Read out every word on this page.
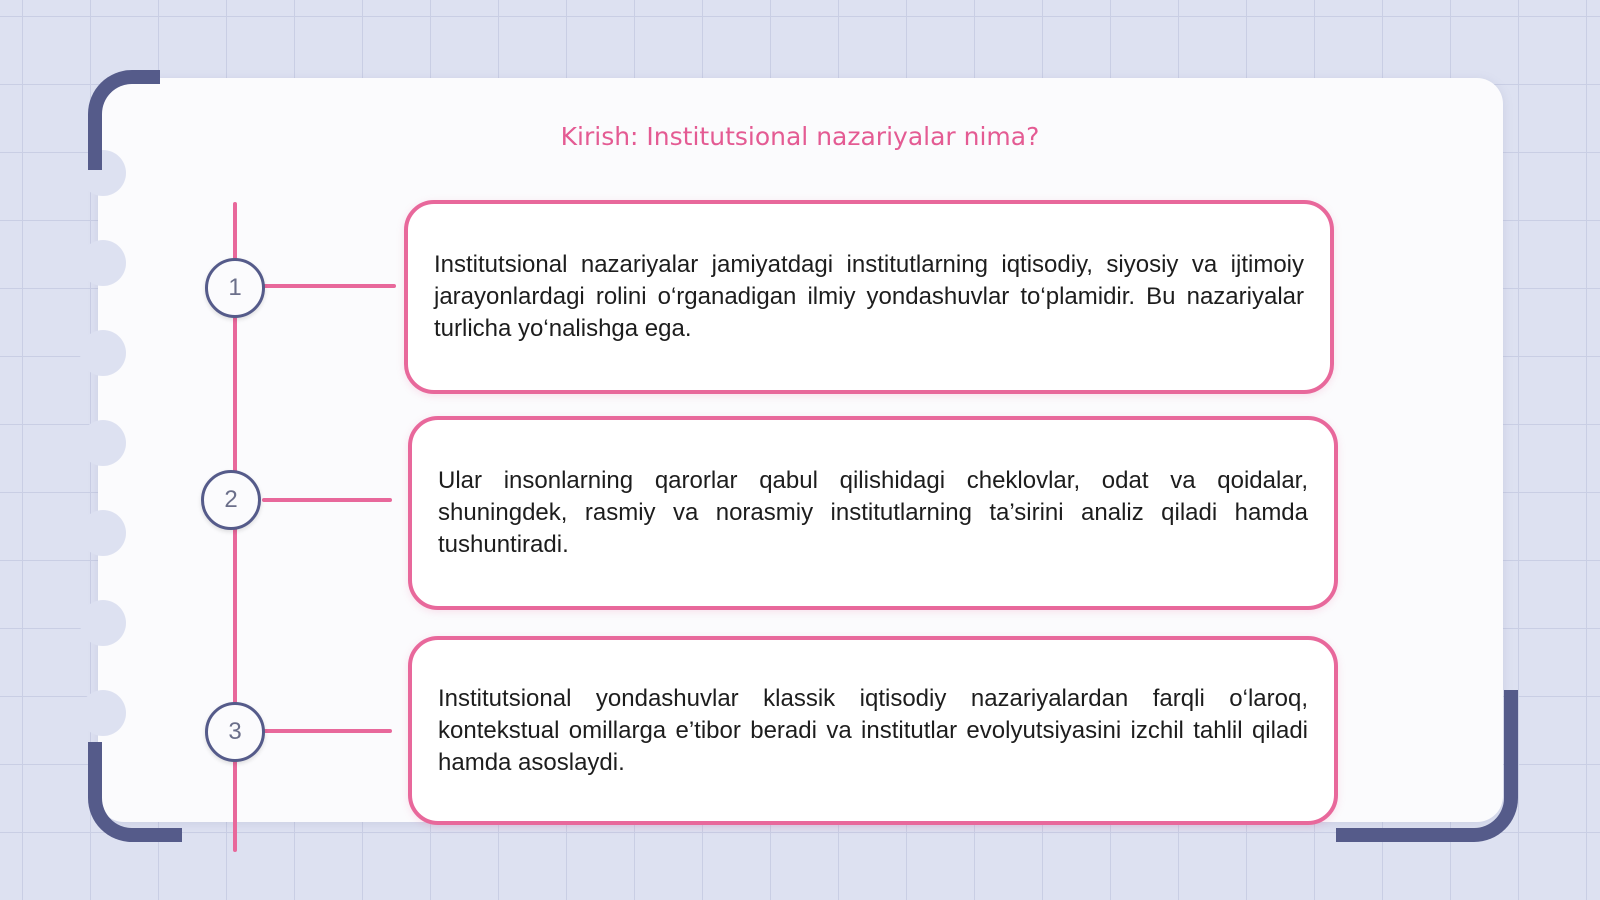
Kirish: Institutsional nazariyalar nima?
1
Institutsional nazariyalar jamiyatdagi institutlarning iqtisodiy, siyosiy va ijtimoiy jarayonlardagi rolini o‘rganadigan ilmiy yondashuvlar to‘plamidir. Bu nazariyalar turlicha yo‘nalishga ega.
2
Ular insonlarning qarorlar qabul qilishidagi cheklovlar, odat va qoidalar, shuningdek, rasmiy va norasmiy institutlarning ta’sirini analiz qiladi hamda tushuntiradi.
3
Institutsional yondashuvlar klassik iqtisodiy nazariyalardan farqli o‘laroq, kontekstual omillarga e’tibor beradi va institutlar evolyutsiyasini izchil tahlil qiladi hamda asoslaydi.
